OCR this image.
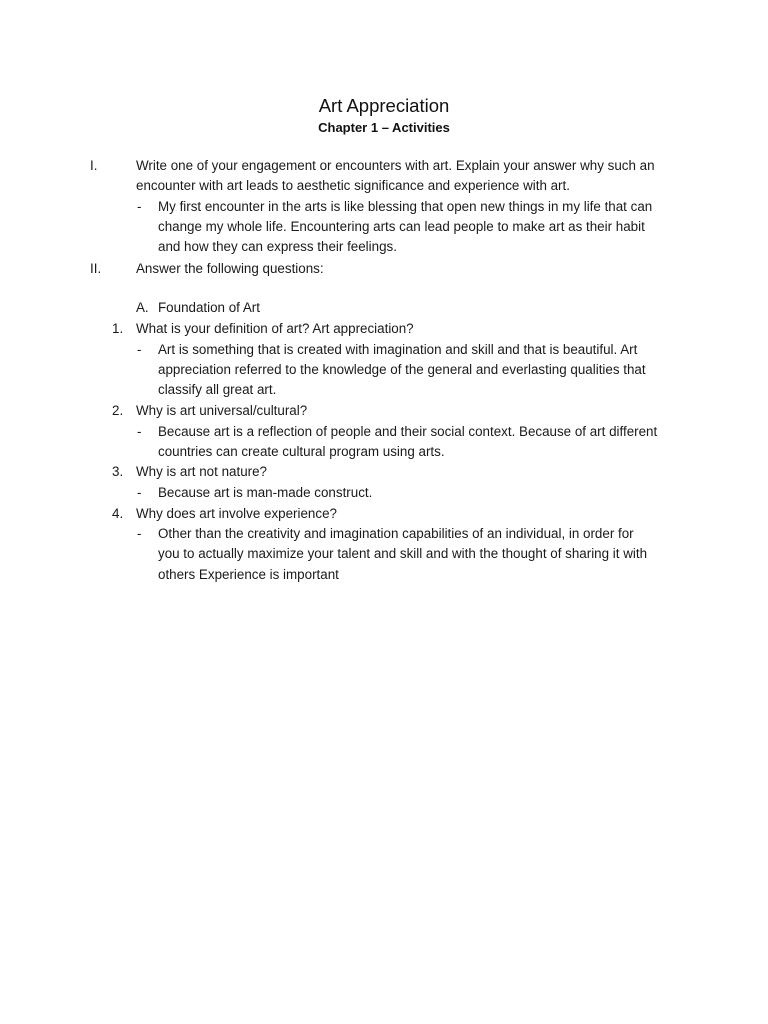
Art Appreciation
Chapter 1 – Activities
I.	Write one of your engagement or encounters with art. Explain your answer why such an
encounter with art leads to aesthetic significance and experience with art.
- My first encounter in the arts is like blessing that open new things in my life that can
change my whole life. Encountering arts can lead people to make art as their habit
and how they can express their feelings.
II.	Answer the following questions:
A. Foundation of Art
1. What is your definition of art? Art appreciation?
- Art is something that is created with imagination and skill and that is beautiful. Art
appreciation referred to the knowledge of the general and everlasting qualities that
classify all great art.
2. Why is art universal/cultural?
- Because art is a reflection of people and their social context. Because of art different
countries can create cultural program using arts.
3. Why is art not nature?
- Because art is man-made construct.
4. Why does art involve experience?
- Other than the creativity and imagination capabilities of an individual, in order for
you to actually maximize your talent and skill and with the thought of sharing it with
others Experience is important
